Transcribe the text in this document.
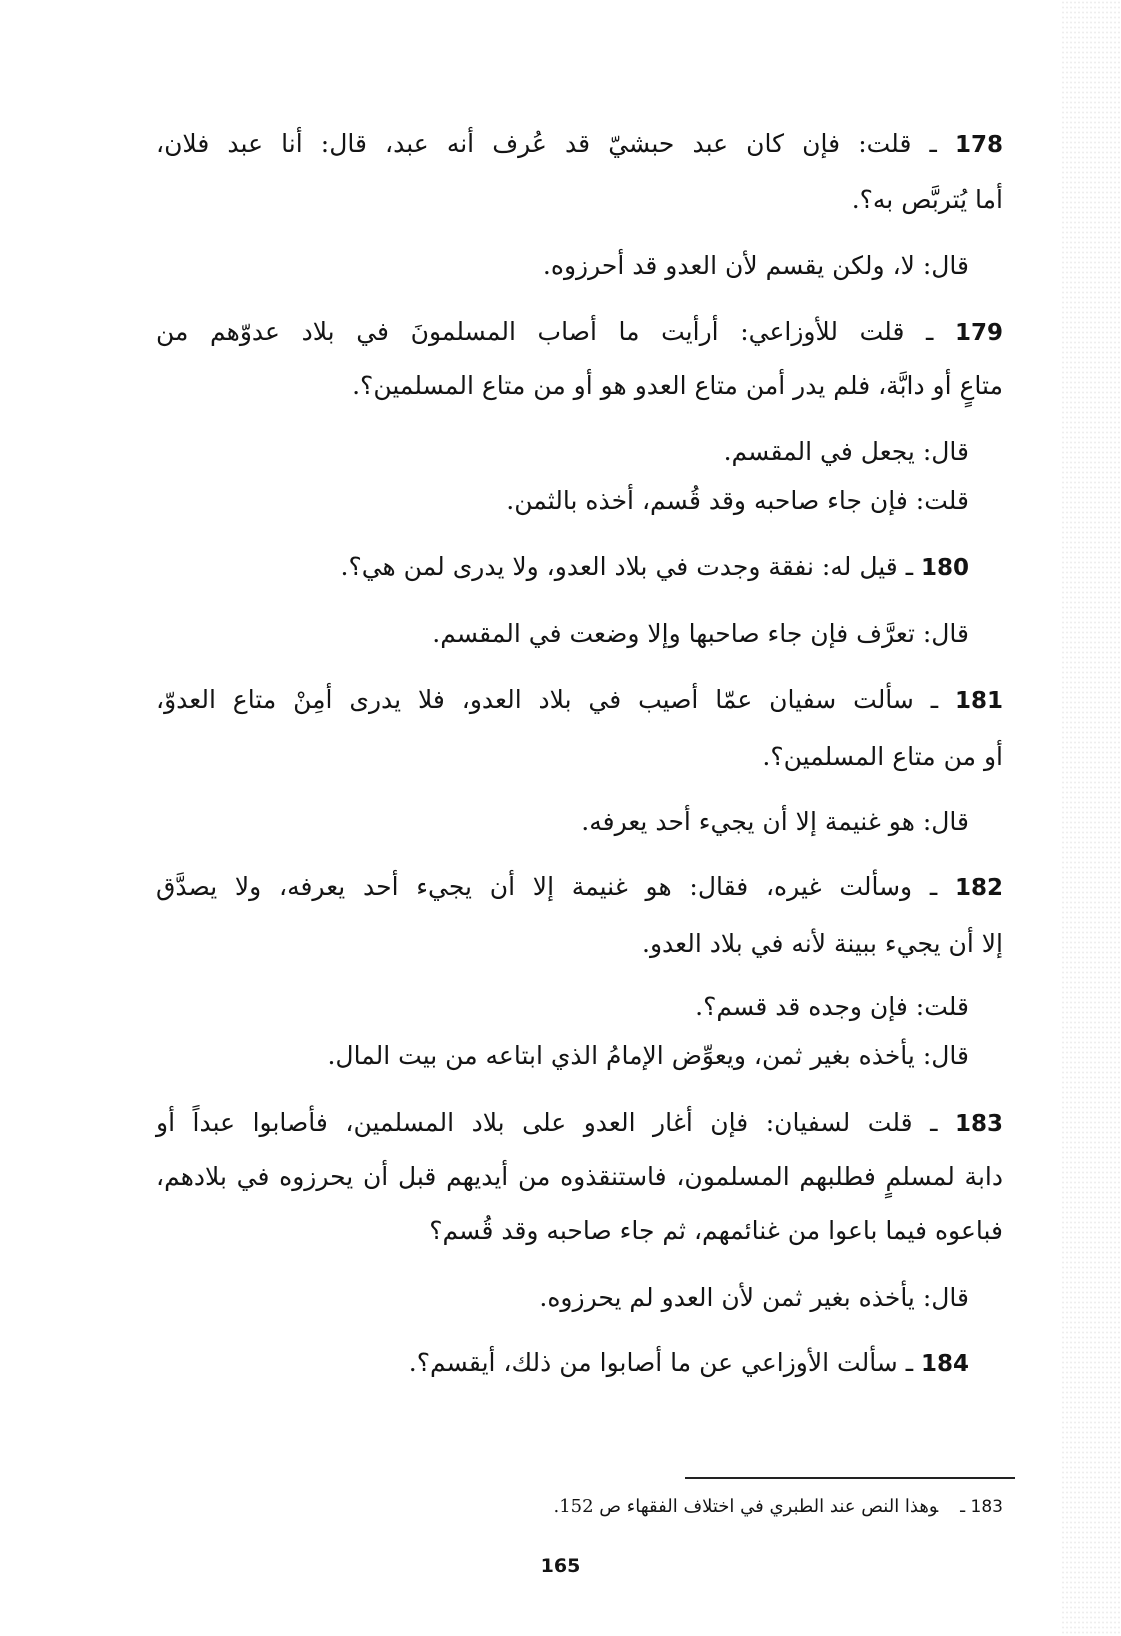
178 ـ قلت: فإن كان عبد حبشيّ قد عُرف أنه عبد، قال: أنا عبد فلان،
أما يُتربَّص به؟.
قال: لا، ولكن يقسم لأن العدو قد أحرزوه.
179 ـ قلت للأوزاعي: أرأيت ما أصاب المسلمونَ في بلاد عدوّهم من
متاعٍ أو دابَّة، فلم يدر أمن متاع العدو هو أو من متاع المسلمين؟.
قال: يجعل في المقسم.
قلت: فإن جاء صاحبه وقد قُسم، أخذه بالثمن.
180 ـ قيل له: نفقة وجدت في بلاد العدو، ولا يدرى لمن هي؟.
قال: تعرَّف فإن جاء صاحبها وإلا وضعت في المقسم.
181 ـ سألت سفيان عمّا أصيب في بلاد العدو، فلا يدرى أمِنْ متاع العدوّ،
أو من متاع المسلمين؟.
قال: هو غنيمة إلا أن يجيء أحد يعرفه.
182 ـ وسألت غيره، فقال: هو غنيمة إلا أن يجيء أحد يعرفه، ولا يصدَّق
إلا أن يجيء ببينة لأنه في بلاد العدو.
قلت: فإن وجده قد قسم؟.
قال: يأخذه بغير ثمن، ويعوِّض الإمامُ الذي ابتاعه من بيت المال.
183 ـ قلت لسفيان: فإن أغار العدو على بلاد المسلمين، فأصابوا عبداً أو
دابة لمسلمٍ فطلبهم المسلمون، فاستنقذوه من أيديهم قبل أن يحرزوه في بلادهم،
فباعوه فيما باعوا من غنائمهم، ثم جاء صاحبه وقد قُسم؟
قال: يأخذه بغير ثمن لأن العدو لم يحرزوه.
184 ـ سألت الأوزاعي عن ما أصابوا من ذلك، أيقسم؟.
183 ـوهذا النص عند الطبري في اختلاف الفقهاء ص 152.
165
